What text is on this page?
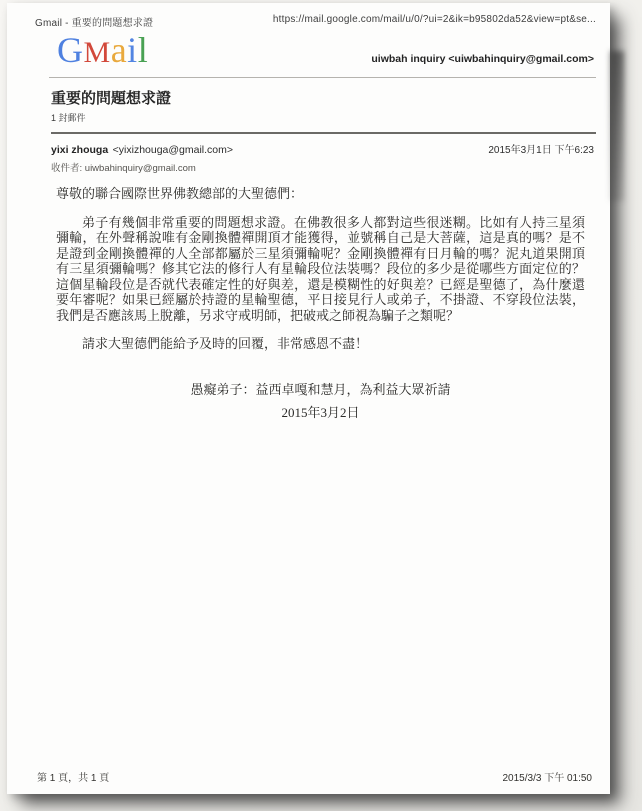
Gmail - 重要的問題想求證	https://mail.google.com/mail/u/0/?ui=2&ik=b95802da52&view=pt&se...
GMail	uiwbah inquiry <uiwbahinquiry@gmail.com>
重要的問題想求證
1 封郵件
yixi zhouga <yixizhouga@gmail.com>	2015年3月1日 下午6:23
收件者: uiwbahinquiry@gmail.com

尊敬的聯合國際世界佛教總部的大聖德們：

弟子有幾個非常重要的問題想求證。在佛教很多人都對這些很迷糊。比如有人持三星須彌輪，在外聲稱說唯有金剛換體禪開頂才能獲得，並號稱自己是大菩薩，這是真的嗎？是不是證到金剛換體禪的人全部都屬於三星須彌輪呢？金剛換體禪有日月輪的嗎？泥丸道果開頂有三星須彌輪嗎？修其它法的修行人有星輪段位法裝嗎？段位的多少是從哪些方面定位的？這個星輪段位是否就代表確定性的好與差，還是模糊性的好與差？已經是聖德了，為什麼還要年審呢？如果已經屬於持證的星輪聖德，平日接見行人或弟子，不掛證、不穿段位法裝，我們是否應該馬上脫離，另求守戒明師，把破戒之師視為騙子之類呢？

請求大聖德們能給予及時的回覆，非常感恩不盡！

愚癡弟子：益西卓嘎和慧月，為利益大眾祈請

2015年3月2日

第 1 頁，共 1 頁	2015/3/3 下午 01:50
